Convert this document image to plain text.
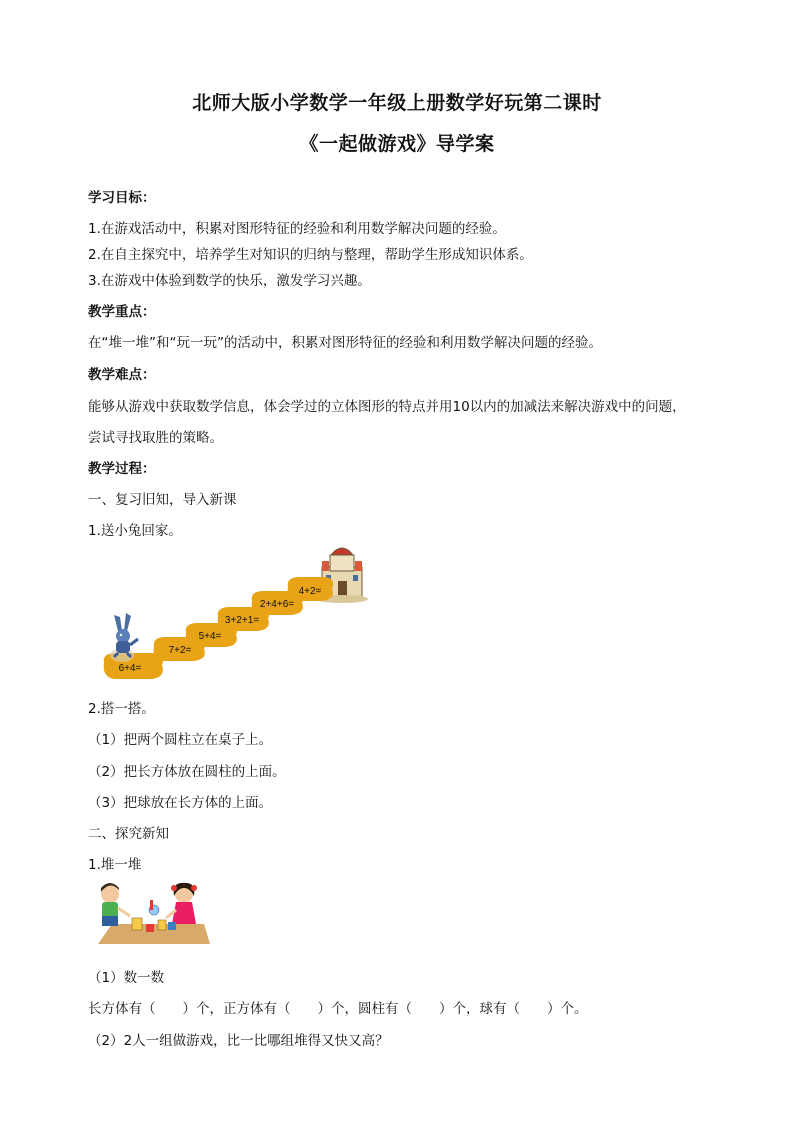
北师大版小学数学一年级上册数学好玩第二课时
《一起做游戏》导学案
学习目标：
1.在游戏活动中，积累对图形特征的经验和利用数学解决问题的经验。
2.在自主探究中，培养学生对知识的归纳与整理，帮助学生形成知识体系。
3.在游戏中体验到数学的快乐，激发学习兴趣。
教学重点：
在“堆一堆”和“玩一玩”的活动中，积累对图形特征的经验和利用数学解决问题的经验。
教学难点：
能够从游戏中获取数学信息，体会学过的立体图形的特点并用10以内的加减法来解决游戏中的问题，
尝试寻找取胜的策略。
教学过程：
一、复习旧知，导入新课
1.送小兔回家。
6+4=
7+2=
5+4=
3+2+1=
2+4+6=
4+2=
2.搭一搭。
（1）把两个圆柱立在桌子上。
（2）把长方体放在圆柱的上面。
（3）把球放在长方体的上面。
二、探究新知
1.堆一堆
（1）数一数
长方体有（　　）个，正方体有（　　）个，圆柱有（　　）个，球有（　　）个。
（2）2人一组做游戏，比一比哪组堆得又快又高？
